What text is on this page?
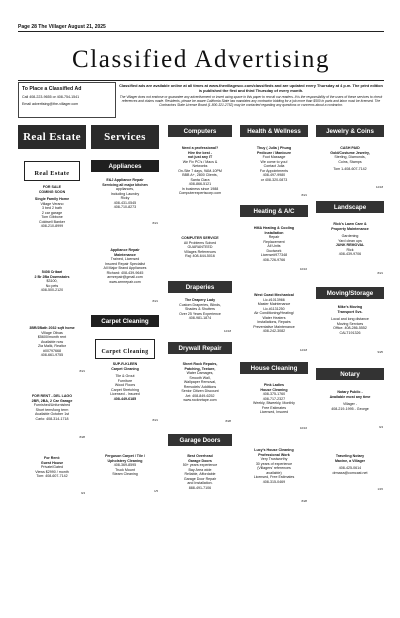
Page 28 The Villager August 21, 2025
Classified Advertising
To Place a Classified Ad
Call 408-223-9655 or 408-754-1541
Email advertising@the-villager.com
Classified ads are available online at all times at www.thevillagescc.com/classifieds and are updated every Thursday at 4 p.m. The print edition is published the first and third Thursday of every month.
The Villager does not endorse or guarantee any advertisement or insert using space in this paper to recruit our readers. It is the responsibility of the users of these services to check references and claims made. Residents, please be aware California State law mandates any contractor bidding for a job more than $500 in parts and labor must be licensed. The Contractors State License Board (1-800-321-2752) may be contacted regarding any questions or concerns about a contractor.
Real Estate
Real Estate
FOR SALE
COMING SOON

Single Family Home
Village Verano
3 bed 2 bath
2 car garage
Tom Gibbone
Coldwell Banker
408-210-8999
5408 Cribari
2 Br 2Ba Downstairs
$3100,
No pets
408-500-2120
3BR/2Bath 2032 sqft home
Village Olivas
$5600/month rent
Available now
Zia Malik, Realtor
#00797668
408-661-9755
8/21
FOR RENT - DEL LAGO
2BR, 2BA, 2 Car Garage
Furnished/Unfurnished
Short term/long term
Available October 1st
Carlo: 408-314-1718
8/28
For Rent:
Guest House
Private/Gated
Views $2990 / month
Tom: 408-607-7142
9/4
Services
Appliances
E&J Appliance Repair
Servicing all major kitchen
appliances,
Including Laundry
Ricky
408-431-0545
408-710-8273
8/21
Appliance Repair
Maintenance
Trained, Licensed
Insured Repair Specialist
All Major Brand Appliances
Richard: 408-439-9645
armrepair@gmail.com
www.armrepair.com
8/21
Carpet Cleaning
Carpet Cleaning
SUP-R-KLEEN
Carpet Cleaning

Tile & Grout
Furniture
Wood Floors
Carpet Stretching
Licensed - Insured
408-449-6185
8/21
Ferguson Carpet / Tile /
Upholstery Cleaning
408-369-8595
Truck Mount
Steam Cleaning
1/5
Computers
Need a professional?
Hire the best -
not just any IT
We Fix PC's / Macs &
Networks
On-Site 7 days, 9AM-10PM
BBB A+, 2800 Clients,
Santa Clara
408-866-5121
In business since 1988
Computerexpertscorp.com
COMPUTER SERVICE
All Problems Solved
GUARANTEED
Villages References
Raj: 408-644-5016
Draperies
The Drapery Lady
Custom Draperies, Blinds,
Shades & Shutters
Over 25 Years Experience
408-981-1874
12/18
Drywall Repair
Sheet Rock Repairs,
Patching, Texture,
Water Damages,
Smooth Wall,
Wallpaper Removal,
Remodels' Additions
Senior Citizen Discount
Art: 408-849-6252
www.rocknrtape.com
8/28
Garage Doors
Best Overhead
Garage Doors
50+ years experience
Bay Area wide
Reliable, Affordable
Garage Door Repair
and Installation.
888-491-7106
Health & Wellness
Thuy ( Julia ) Phung
Pedicure / Manicure
Foot Massage
We come to you!
Contact Julia
For Appointments
408-497-9980
or 408-320-0873
8/21
Heating & A/C
HMA Heating & Cooling
Installation
Repair
Replacement
All Units
Ductwork
License#977348
408-726-9766
10/16
West Coast Mechanical
Lic.#1013966
Master Maintenance
Lic.#1131250
Air Conditioning/Heating/
Water Heaters
Installations, Repairs
Preventative Maintenance
408-242-3082
12/18
House Cleaning
Pink Ladies
House Cleaning
408-375-1760
408-717-2327
Weekly, Biweekly, Monthly
Free Estimates
Licensed, Insured
10/16
Lucy's House Cleaning
Professional Work
Very Trustworthy
30 years of experience
(Villagers' references
available)
Licensed, Free Estimates
408-315-0469
8/28
Jewelry & Coins
CASH PAID
Gold/Costume Jewelry,
Sterling, Diamonds,
Coins, Stamps

Tom 1-408-607-7142
12/18
Landscape
Rick's Lawn Care &
Property Maintenance

Gardening
Yard clean ups
JUNK REMOVAL
Rick
408-439-9706
8/21
Moving/Storage
Mike's Moving
Transport Svs.

Local and long distance
Moving Services
Office. 408-286-5552
CALT191326
9/25
Notary
Notary Public -
Available most any time

Villager -
408-219-1995 - George
9/4
Traveling Notary
Maxine, a Villager

408-425-0614
drmaxa@comcast.net
1/15
